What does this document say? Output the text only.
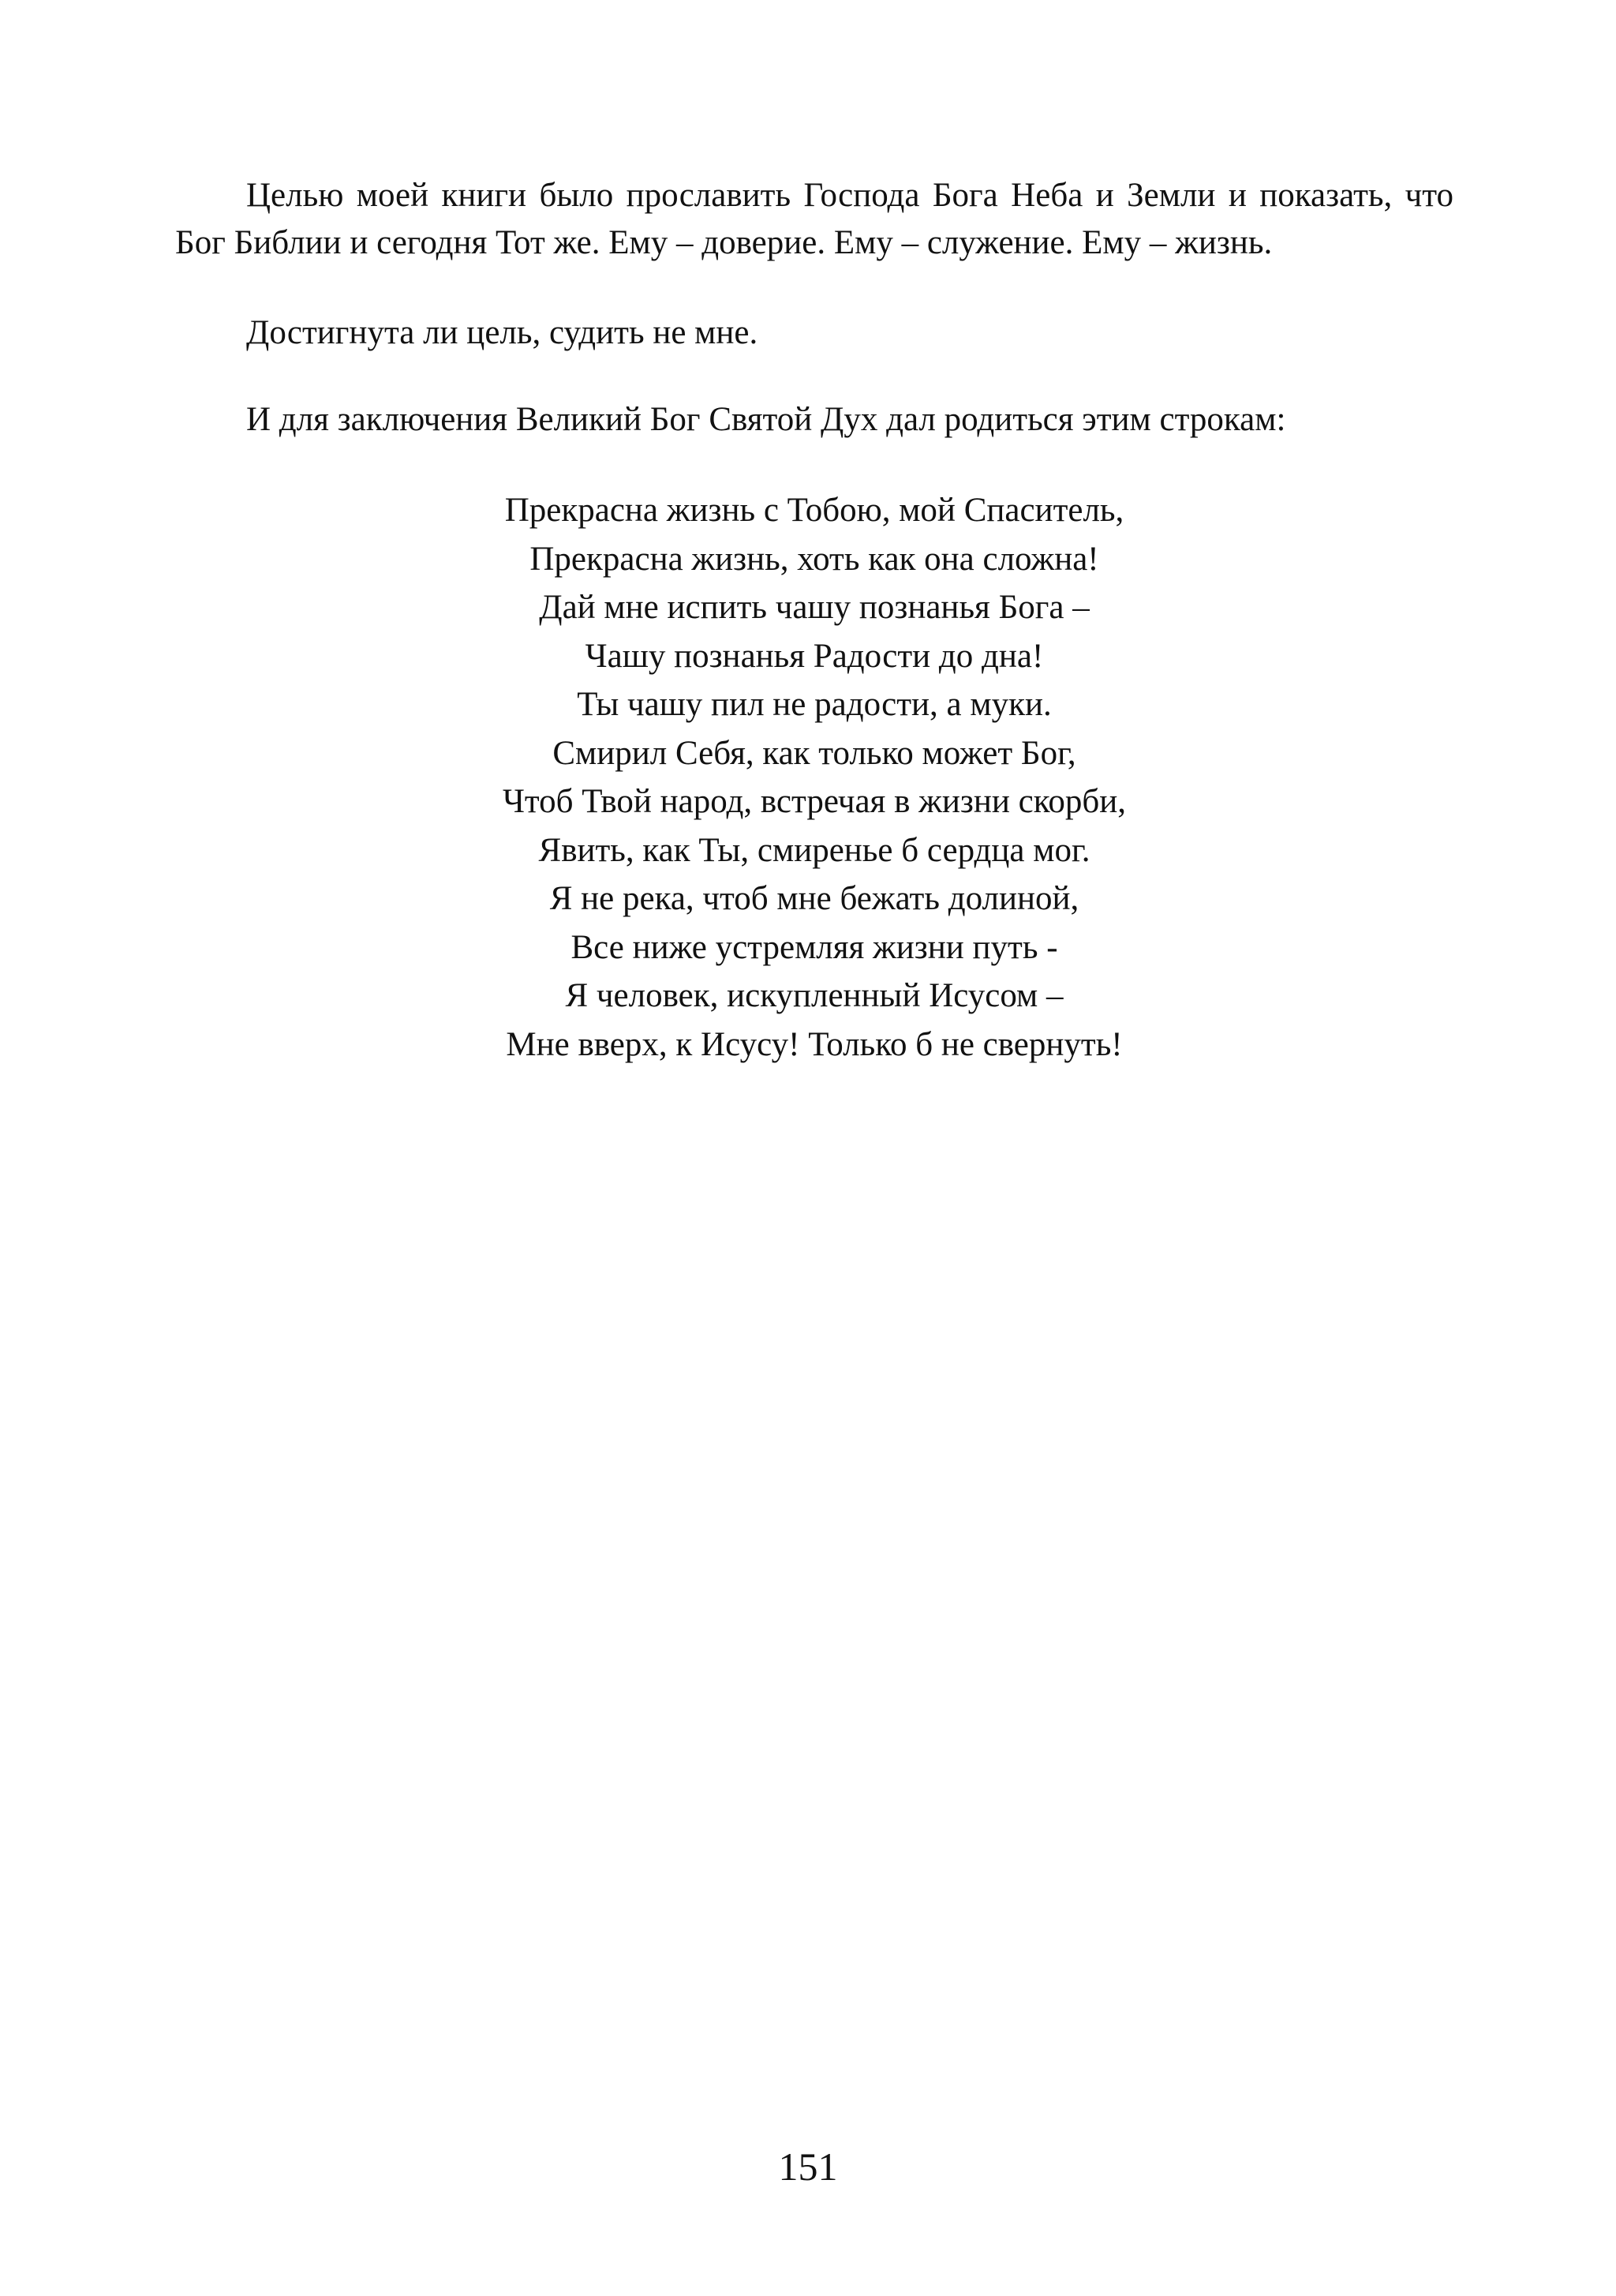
Целью моей книги было прославить Господа Бога Неба и Земли и показать, что Бог Библии и сегодня Тот же. Ему – доверие. Ему – служение. Ему – жизнь.

Достигнута ли цель, судить не мне.

И для заключения Великий Бог Святой Дух дал родиться этим строкам:

Прекрасна жизнь с Тобою, мой Спаситель,
Прекрасна жизнь, хоть как она сложна!
Дай мне испить чашу познанья Бога –
Чашу познанья Радости до дна!
Ты чашу пил не радости, а муки.
Смирил Себя, как только может Бог,
Чтоб Твой народ, встречая в жизни скорби,
Явить, как Ты, смиренье б сердца мог.
Я не река, чтоб мне бежать долиной,
Все ниже устремляя жизни путь -
Я человек, искупленный Исусом –
Мне вверх, к Исусу! Только б не свернуть!
151
